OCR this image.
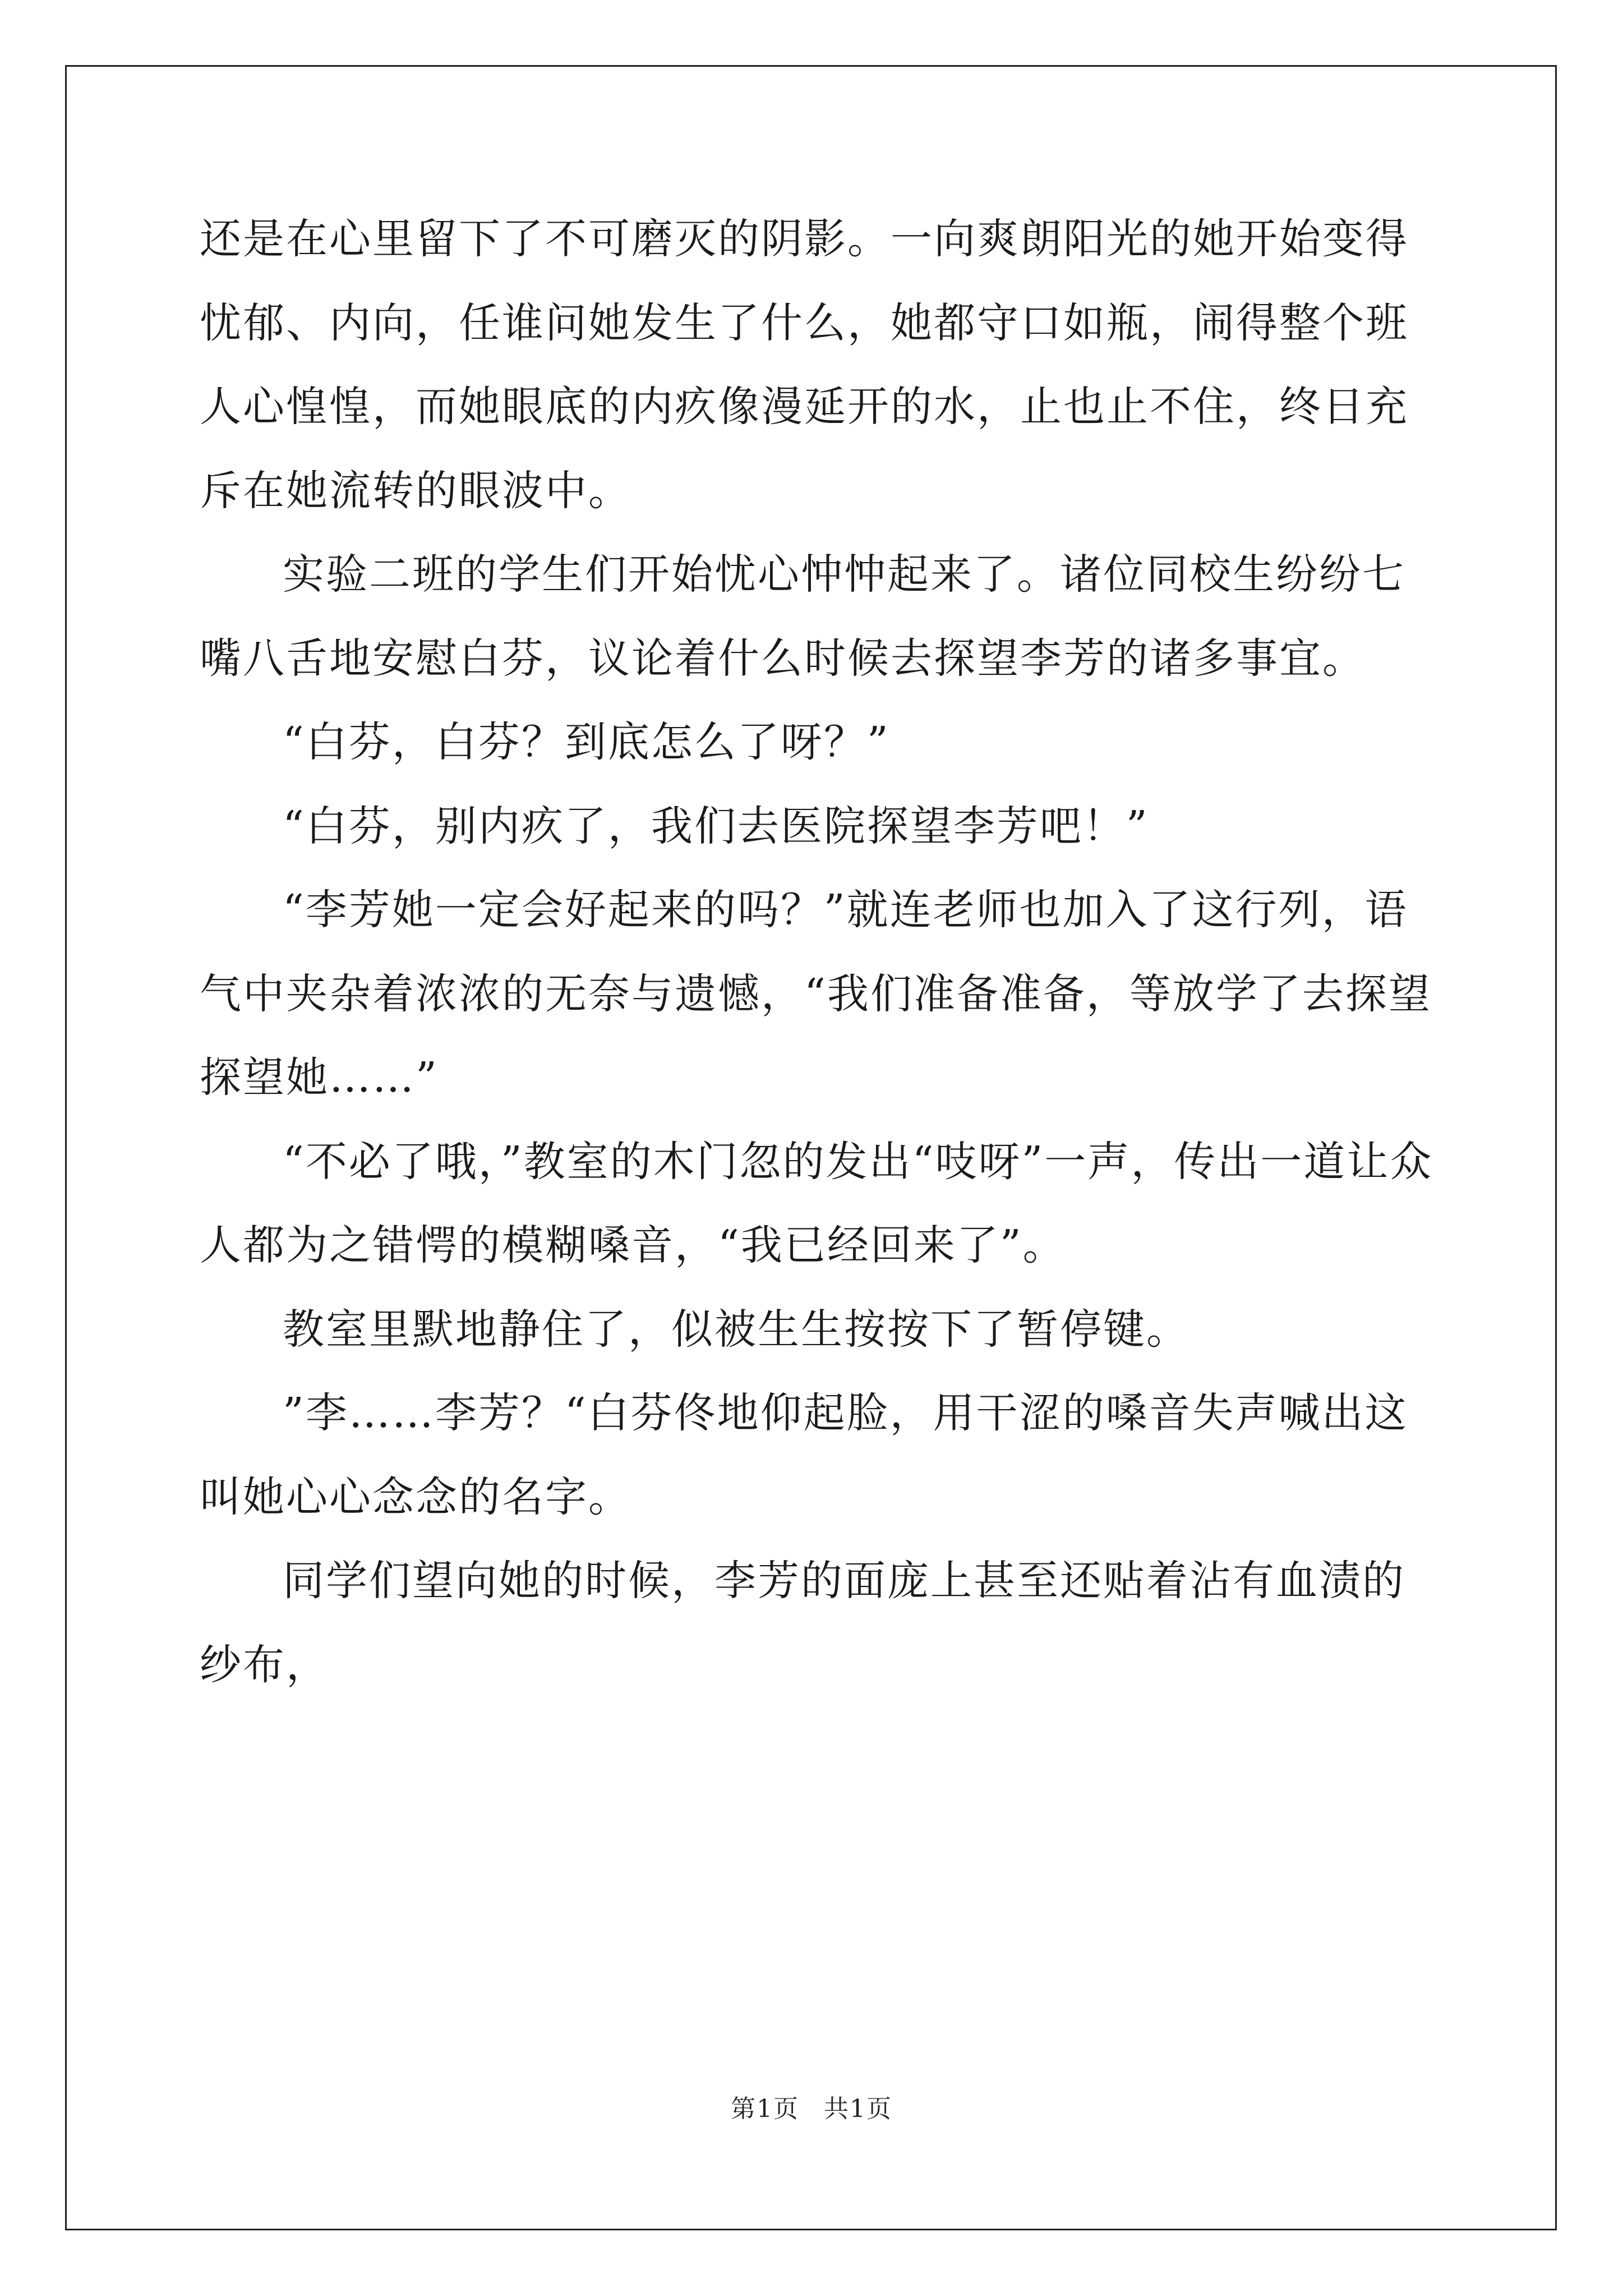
还是在心里留下了不可磨灭的阴影。一向爽朗阳光的她开始变得忧郁、内向，任谁问她发生了什么，她都守口如瓶，闹得整个班人心惶惶，而她眼底的内疚像漫延开的水，止也止不住，终日充斥在她流转的眼波中。

实验二班的学生们开始忧心忡忡起来了。诸位同校生纷纷七嘴八舌地安慰白芬，议论着什么时候去探望李芳的诸多事宜。

“白芬，白芬？到底怎么了呀？”

“白芬，别内疚了，我们去医院探望李芳吧！”

“李芳她一定会好起来的吗？”就连老师也加入了这行列，语气中夹杂着浓浓的无奈与遗憾，“我们准备准备，等放学了去探望探望她……”

“不必了哦，”教室的木门忽的发出“吱呀”一声，传出一道让众人都为之错愕的模糊嗓音，“我已经回来了”。

教室里默地静住了，似被生生按按下了暂停键。

”李……李芳？“白芬佟地仰起脸，用干涩的嗓音失声喊出这叫她心心念念的名字。

同学们望向她的时候，李芳的面庞上甚至还贴着沾有血渍的纱布，

第1页 共1页
